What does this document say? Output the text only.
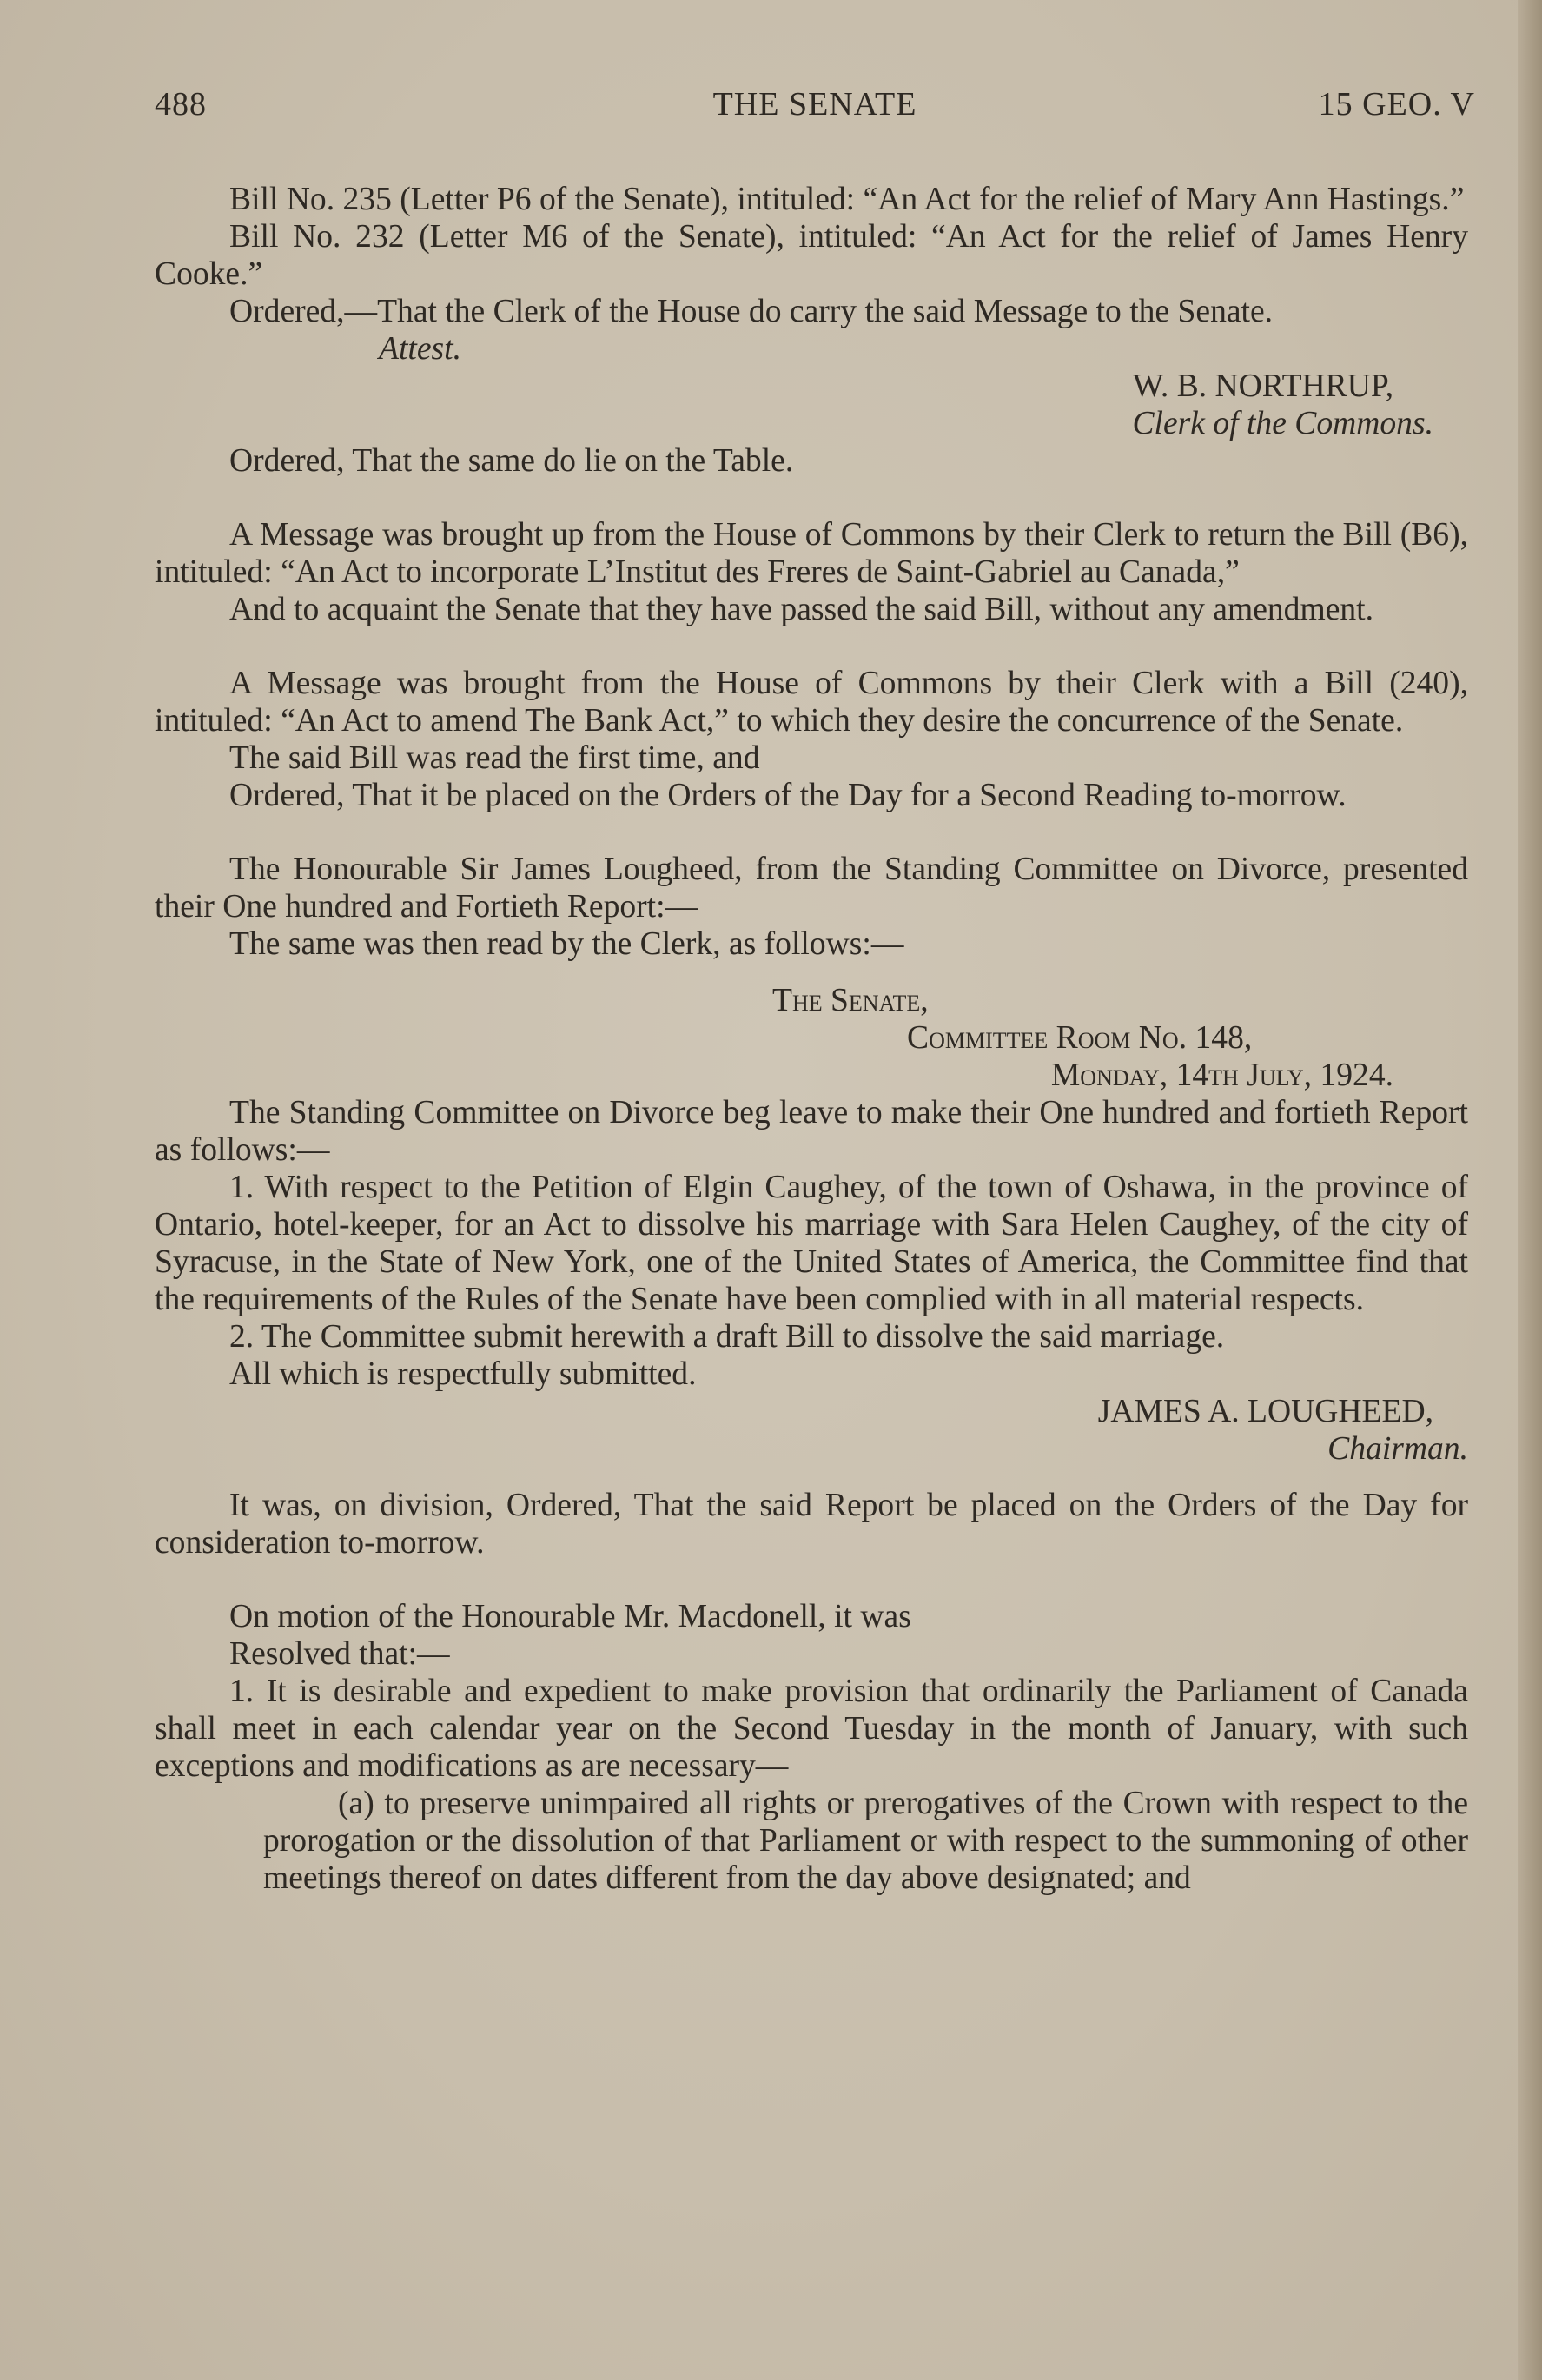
488	THE SENATE	15 GEO. V

Bill No. 235 (Letter P6 of the Senate), intituled: “An Act for the relief of Mary Ann Hastings.”

Bill No. 232 (Letter M6 of the Senate), intituled: “An Act for the relief of James Henry Cooke.”

Ordered,—That the Clerk of the House do carry the said Message to the Senate.

Attest.

W. B. NORTHRUP,

Clerk of the Commons.

Ordered, That the same do lie on the Table.

A Message was brought up from the House of Commons by their Clerk to return the Bill (B6), intituled: “An Act to incorporate L’Institut des Freres de Saint-Gabriel au Canada,”

And to acquaint the Senate that they have passed the said Bill, without any amendment.

A Message was brought from the House of Commons by their Clerk with a Bill (240), intituled: “An Act to amend The Bank Act,” to which they desire the concurrence of the Senate.

The said Bill was read the first time, and

Ordered, That it be placed on the Orders of the Day for a Second Reading to-morrow.

The Honourable Sir James Lougheed, from the Standing Committee on Divorce, presented their One hundred and Fortieth Report:—

The same was then read by the Clerk, as follows:—

The Senate,

Committee Room No. 148,

Monday, 14th July, 1924.

The Standing Committee on Divorce beg leave to make their One hundred and fortieth Report as follows:—

1. With respect to the Petition of Elgin Caughey, of the town of Oshawa, in the province of Ontario, hotel-keeper, for an Act to dissolve his marriage with Sara Helen Caughey, of the city of Syracuse, in the State of New York, one of the United States of America, the Committee find that the requirements of the Rules of the Senate have been complied with in all material respects.

2. The Committee submit herewith a draft Bill to dissolve the said marriage.

All which is respectfully submitted.

JAMES A. LOUGHEED,

Chairman.

It was, on division, Ordered, That the said Report be placed on the Orders of the Day for consideration to-morrow.

On motion of the Honourable Mr. Macdonell, it was

Resolved that:—

1. It is desirable and expedient to make provision that ordinarily the Parliament of Canada shall meet in each calendar year on the Second Tuesday in the month of January, with such exceptions and modifications as are necessary—

(a) to preserve unimpaired all rights or prerogatives of the Crown with respect to the prorogation or the dissolution of that Parliament or with respect to the summoning of other meetings thereof on dates different from the day above designated; and
